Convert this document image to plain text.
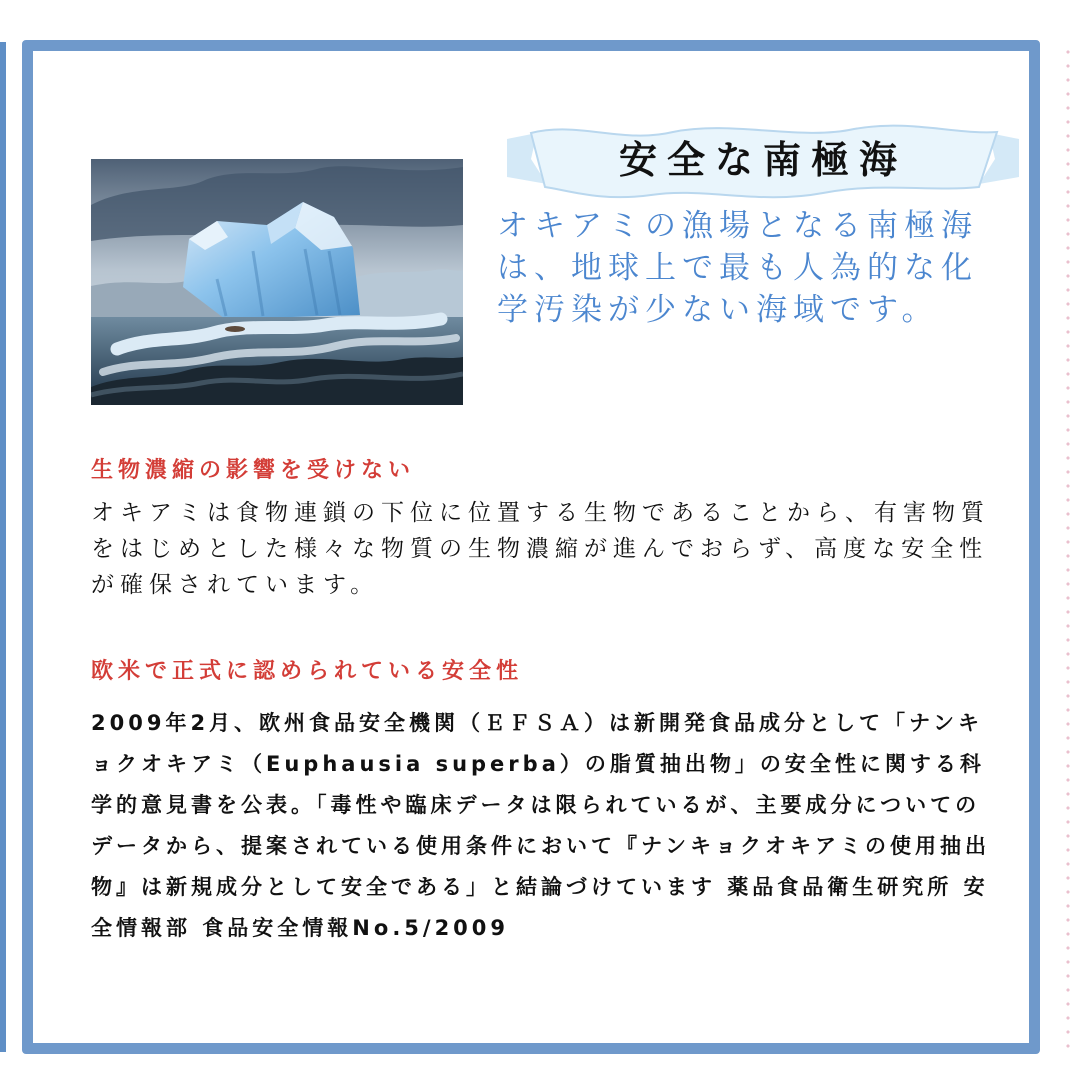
安全な南極海
オキアミの漁場となる南極海は、地球上で最も人為的な化学汚染が少ない海域です。
生物濃縮の影響を受けない
オキアミは食物連鎖の下位に位置する生物であることから、有害物質をはじめとした様々な物質の生物濃縮が進んでおらず、高度な安全性が確保されています。
欧米で正式に認められている安全性
2009年2月、欧州食品安全機関（ＥＦＳＡ）は新開発食品成分として「ナンキョクオキアミ（Euphausia superba）の脂質抽出物」の安全性に関する科学的意見書を公表。「毒性や臨床データは限られているが、主要成分についてのデータから、提案されている使用条件において『ナンキョクオキアミの使用抽出物』は新規成分として安全である」と結論づけています 薬品食品衛生研究所 安全情報部 食品安全情報No.5/2009
